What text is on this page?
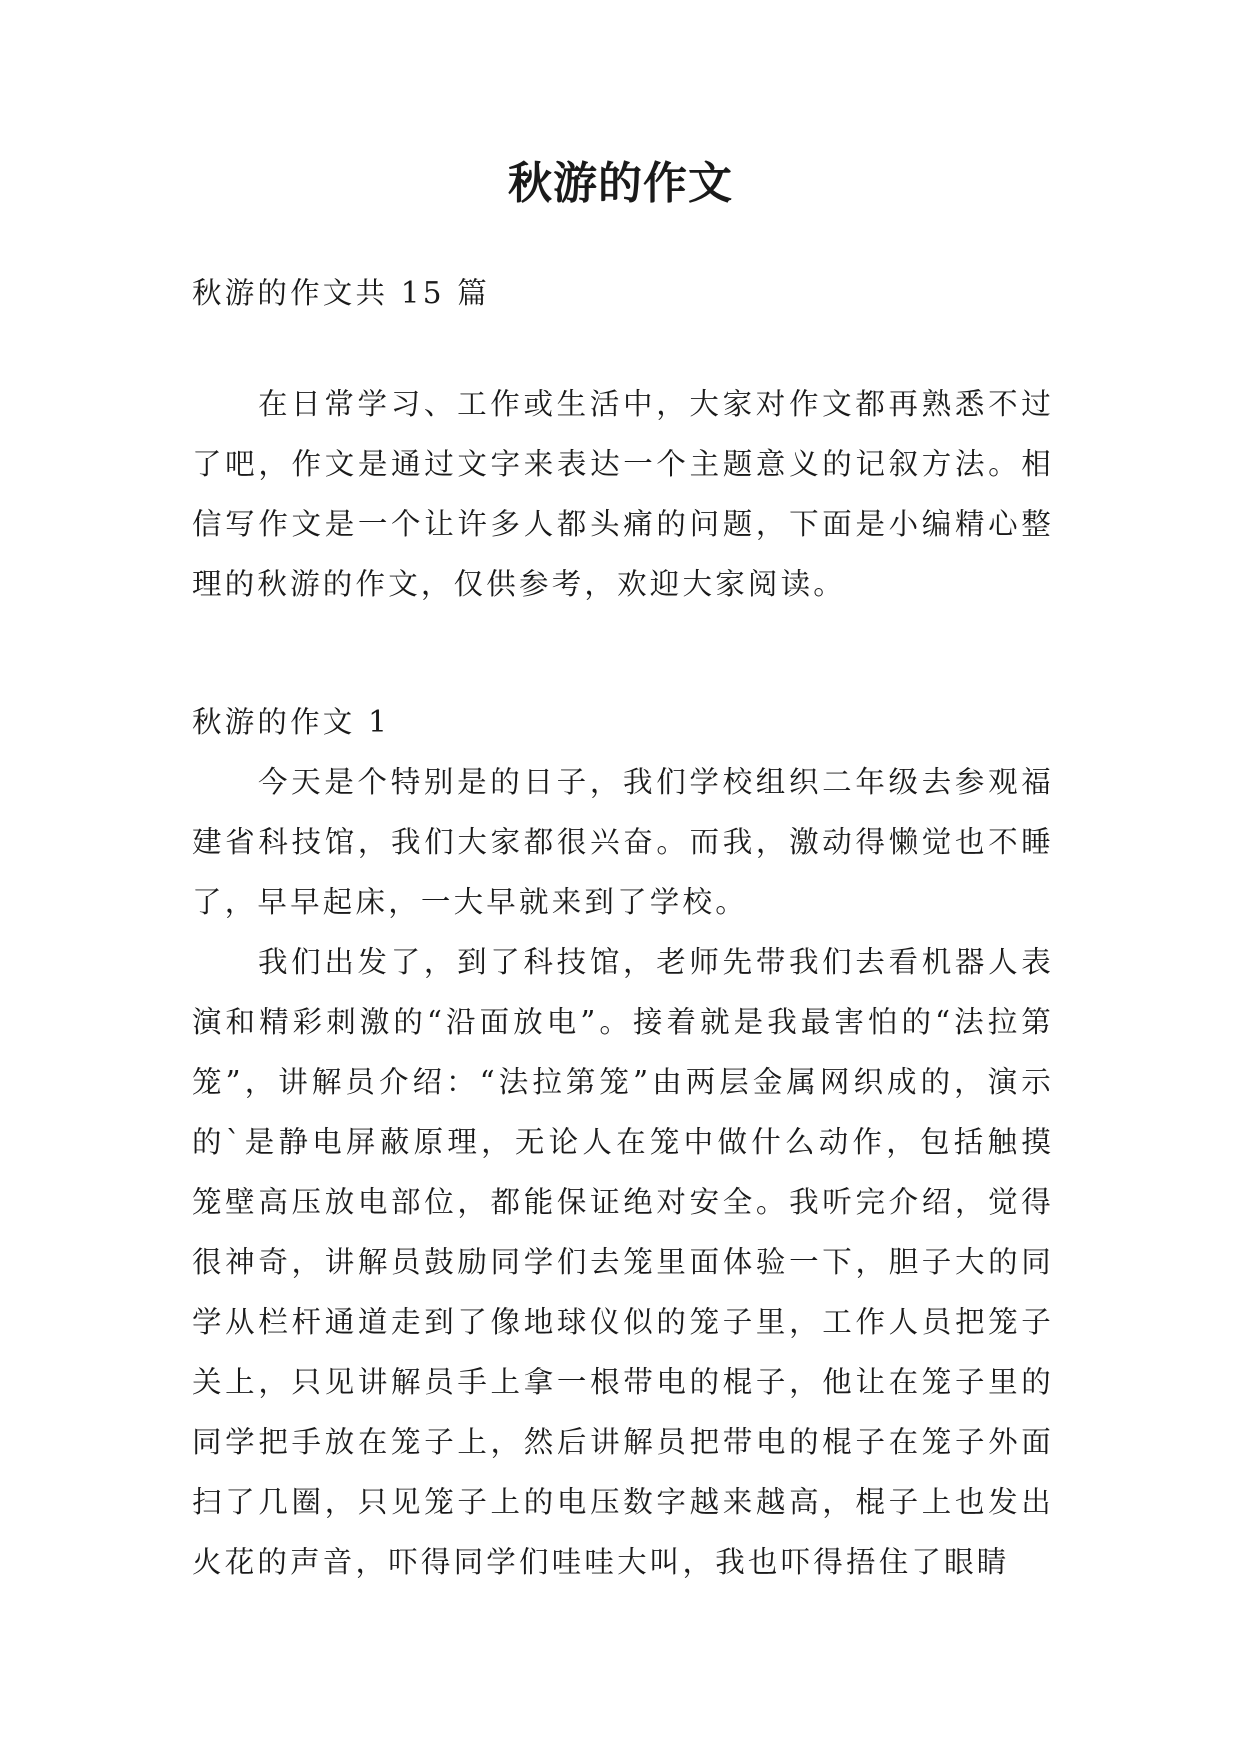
秋游的作文
秋游的作文共 15 篇
在日常学习、工作或生活中，大家对作文都再熟悉不过了吧，作文是通过文字来表达一个主题意义的记叙方法。相信写作文是一个让许多人都头痛的问题，下面是小编精心整理的秋游的作文，仅供参考，欢迎大家阅读。
秋游的作文 1

今天是个特别是的日子，我们学校组织二年级去参观福建省科技馆，我们大家都很兴奋。而我，激动得懒觉也不睡了，早早起床，一大早就来到了学校。

我们出发了，到了科技馆，老师先带我们去看机器人表演和精彩刺激的“沿面放电”。接着就是我最害怕的“法拉第笼”，讲解员介绍：“法拉第笼”由两层金属网织成的，演示的`是静电屏蔽原理，无论人在笼中做什么动作，包括触摸笼壁高压放电部位，都能保证绝对安全。我听完介绍，觉得很神奇，讲解员鼓励同学们去笼里面体验一下，胆子大的同学从栏杆通道走到了像地球仪似的笼子里，工作人员把笼子关上，只见讲解员手上拿一根带电的棍子，他让在笼子里的同学把手放在笼子上，然后讲解员把带电的棍子在笼子外面扫了几圈，只见笼子上的电压数字越来越高，棍子上也发出火花的声音，吓得同学们哇哇大叫，我也吓得捂住了眼睛
